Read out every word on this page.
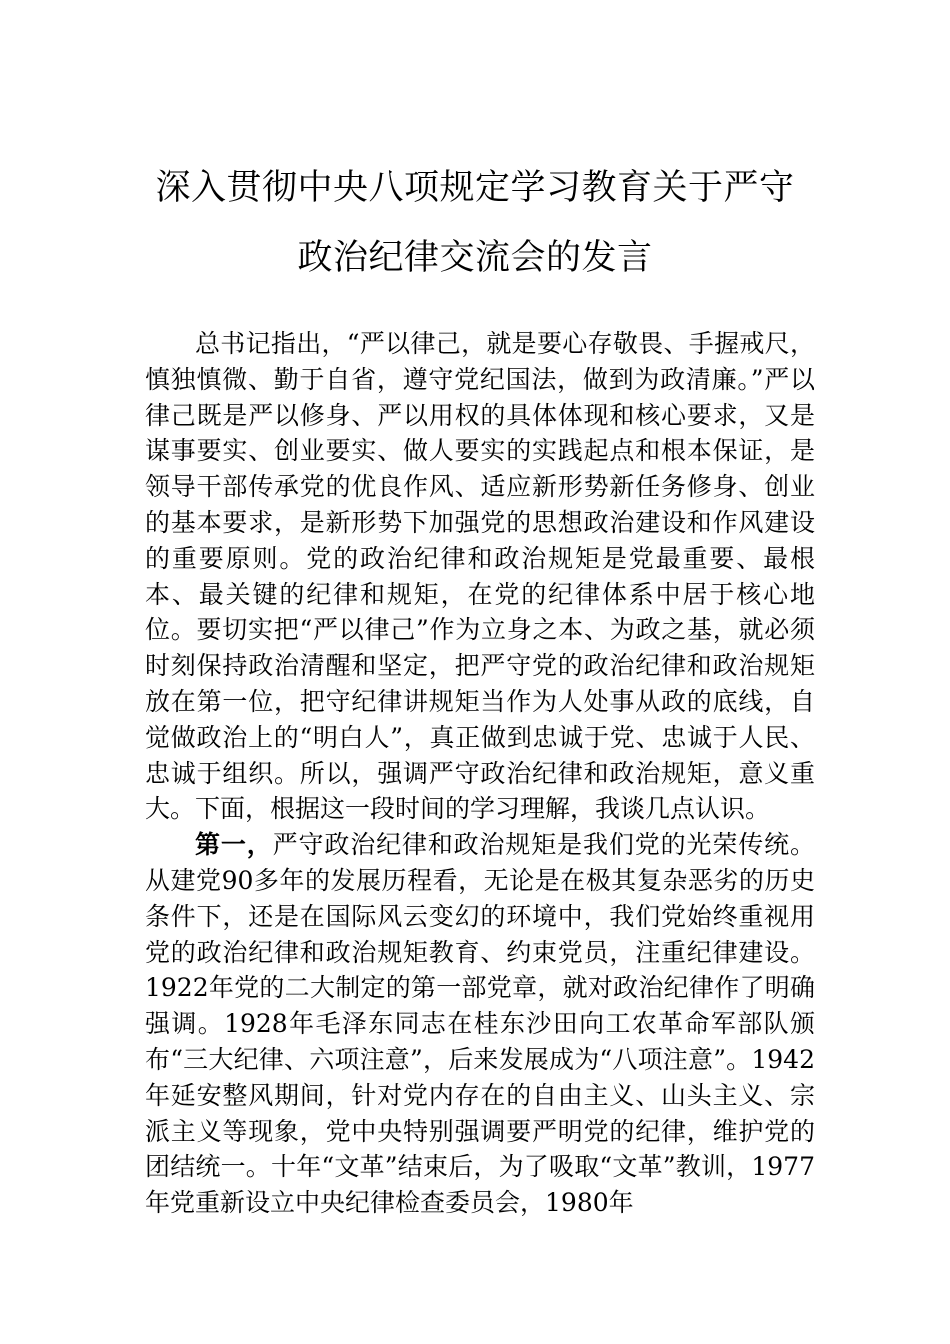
深入贯彻中央八项规定学习教育关于严守
政治纪律交流会的发言

总书记指出，“严以律己，就是要心存敬畏、手握戒尺，慎独慎微、勤于自省，遵守党纪国法，做到为政清廉。”严以律己既是严以修身、严以用权的具体体现和核心要求，又是谋事要实、创业要实、做人要实的实践起点和根本保证，是领导干部传承党的优良作风、适应新形势新任务修身、创业的基本要求，是新形势下加强党的思想政治建设和作风建设的重要原则。党的政治纪律和政治规矩是党最重要、最根本、最关键的纪律和规矩，在党的纪律体系中居于核心地位。要切实把“严以律己”作为立身之本、为政之基，就必须时刻保持政治清醒和坚定，把严守党的政治纪律和政治规矩放在第一位，把守纪律讲规矩当作为人处事从政的底线，自觉做政治上的“明白人”，真正做到忠诚于党、忠诚于人民、忠诚于组织。所以，强调严守政治纪律和政治规矩，意义重大。下面，根据这一段时间的学习理解，我谈几点认识。

第一，严守政治纪律和政治规矩是我们党的光荣传统。从建党90多年的发展历程看，无论是在极其复杂恶劣的历史条件下，还是在国际风云变幻的环境中，我们党始终重视用党的政治纪律和政治规矩教育、约束党员，注重纪律建设。1922年党的二大制定的第一部党章，就对政治纪律作了明确强调。1928年毛泽东同志在桂东沙田向工农革命军部队颁布“三大纪律、六项注意”，后来发展成为“八项注意”。1942年延安整风期间，针对党内存在的自由主义、山头主义、宗派主义等现象，党中央特别强调要严明党的纪律，维护党的团结统一。十年“文革”结束后，为了吸取“文革”教训，1977年党重新设立中央纪律检查委员会，1980年
